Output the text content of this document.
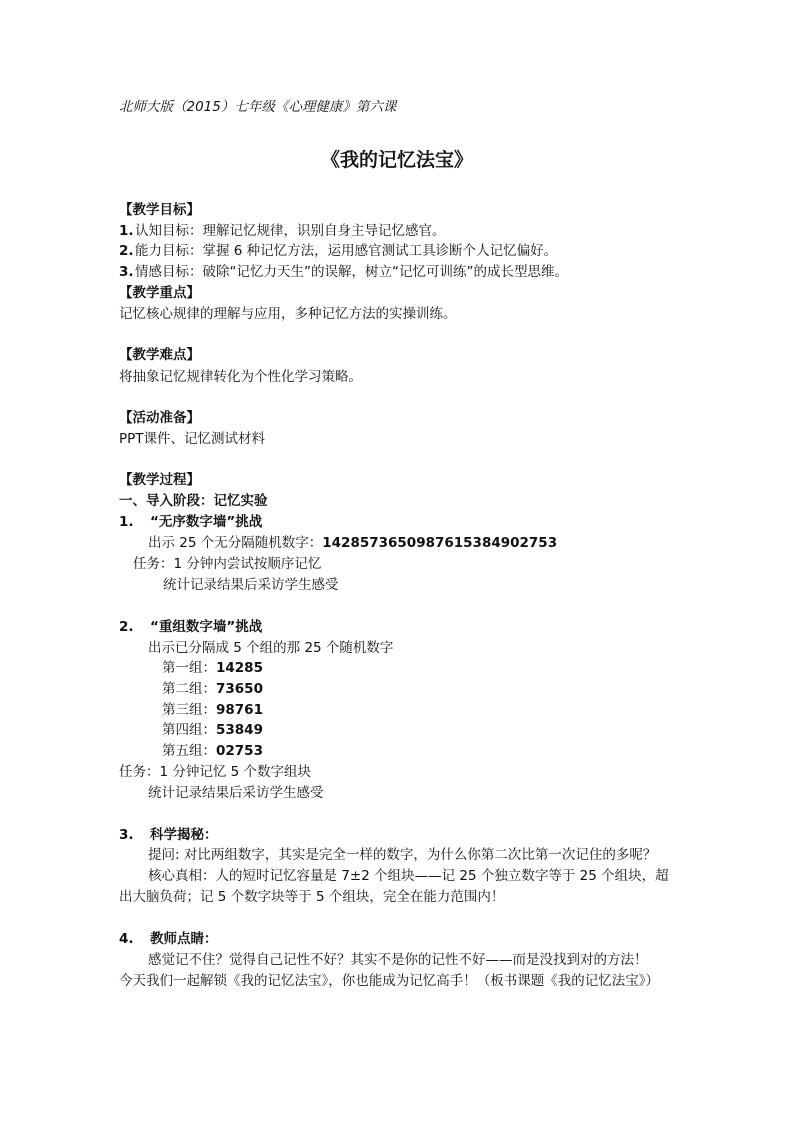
北师大版（2015）七年级《心理健康》第六课
《我的记忆法宝》
【教学目标】
1. 认知目标：理解记忆规律，识别自身主导记忆感官。
2. 能力目标：掌握 6 种记忆方法，运用感官测试工具诊断个人记忆偏好。
3. 情感目标：破除“记忆力天生”的误解，树立“记忆可训练”的成长型思维。
【教学重点】
记忆核心规律的理解与应用，多种记忆方法的实操训练。
【教学难点】
将抽象记忆规律转化为个性化学习策略。
【活动准备】
PPT课件、记忆测试材料
【教学过程】
一、导入阶段：记忆实验
1. “无序数字墙”挑战
出示 25 个无分隔随机数字：1428573650987615384902753
任务：1 分钟内尝试按顺序记忆
统计记录结果后采访学生感受
2. “重组数字墙”挑战
出示已分隔成 5 个组的那 25 个随机数字
第一组：14285
第二组：73650
第三组：98761
第四组：53849
第五组：02753
任务：1 分钟记忆 5 个数字组块
统计记录结果后采访学生感受
3. 科学揭秘：
提问: 对比两组数字，其实是完全一样的数字，为什么你第二次比第一次记住的多呢？
核心真相：人的短时记忆容量是 7±2 个组块——记 25 个独立数字等于 25 个组块，超
出大脑负荷；记 5 个数字块等于 5 个组块，完全在能力范围内！
4. 教师点睛：
感觉记不住？觉得自己记性不好？其实不是你的记性不好——而是没找到对的方法！
今天我们一起解锁《我的记忆法宝》，你也能成为记忆高手！（板书课题《我的记忆法宝》）
